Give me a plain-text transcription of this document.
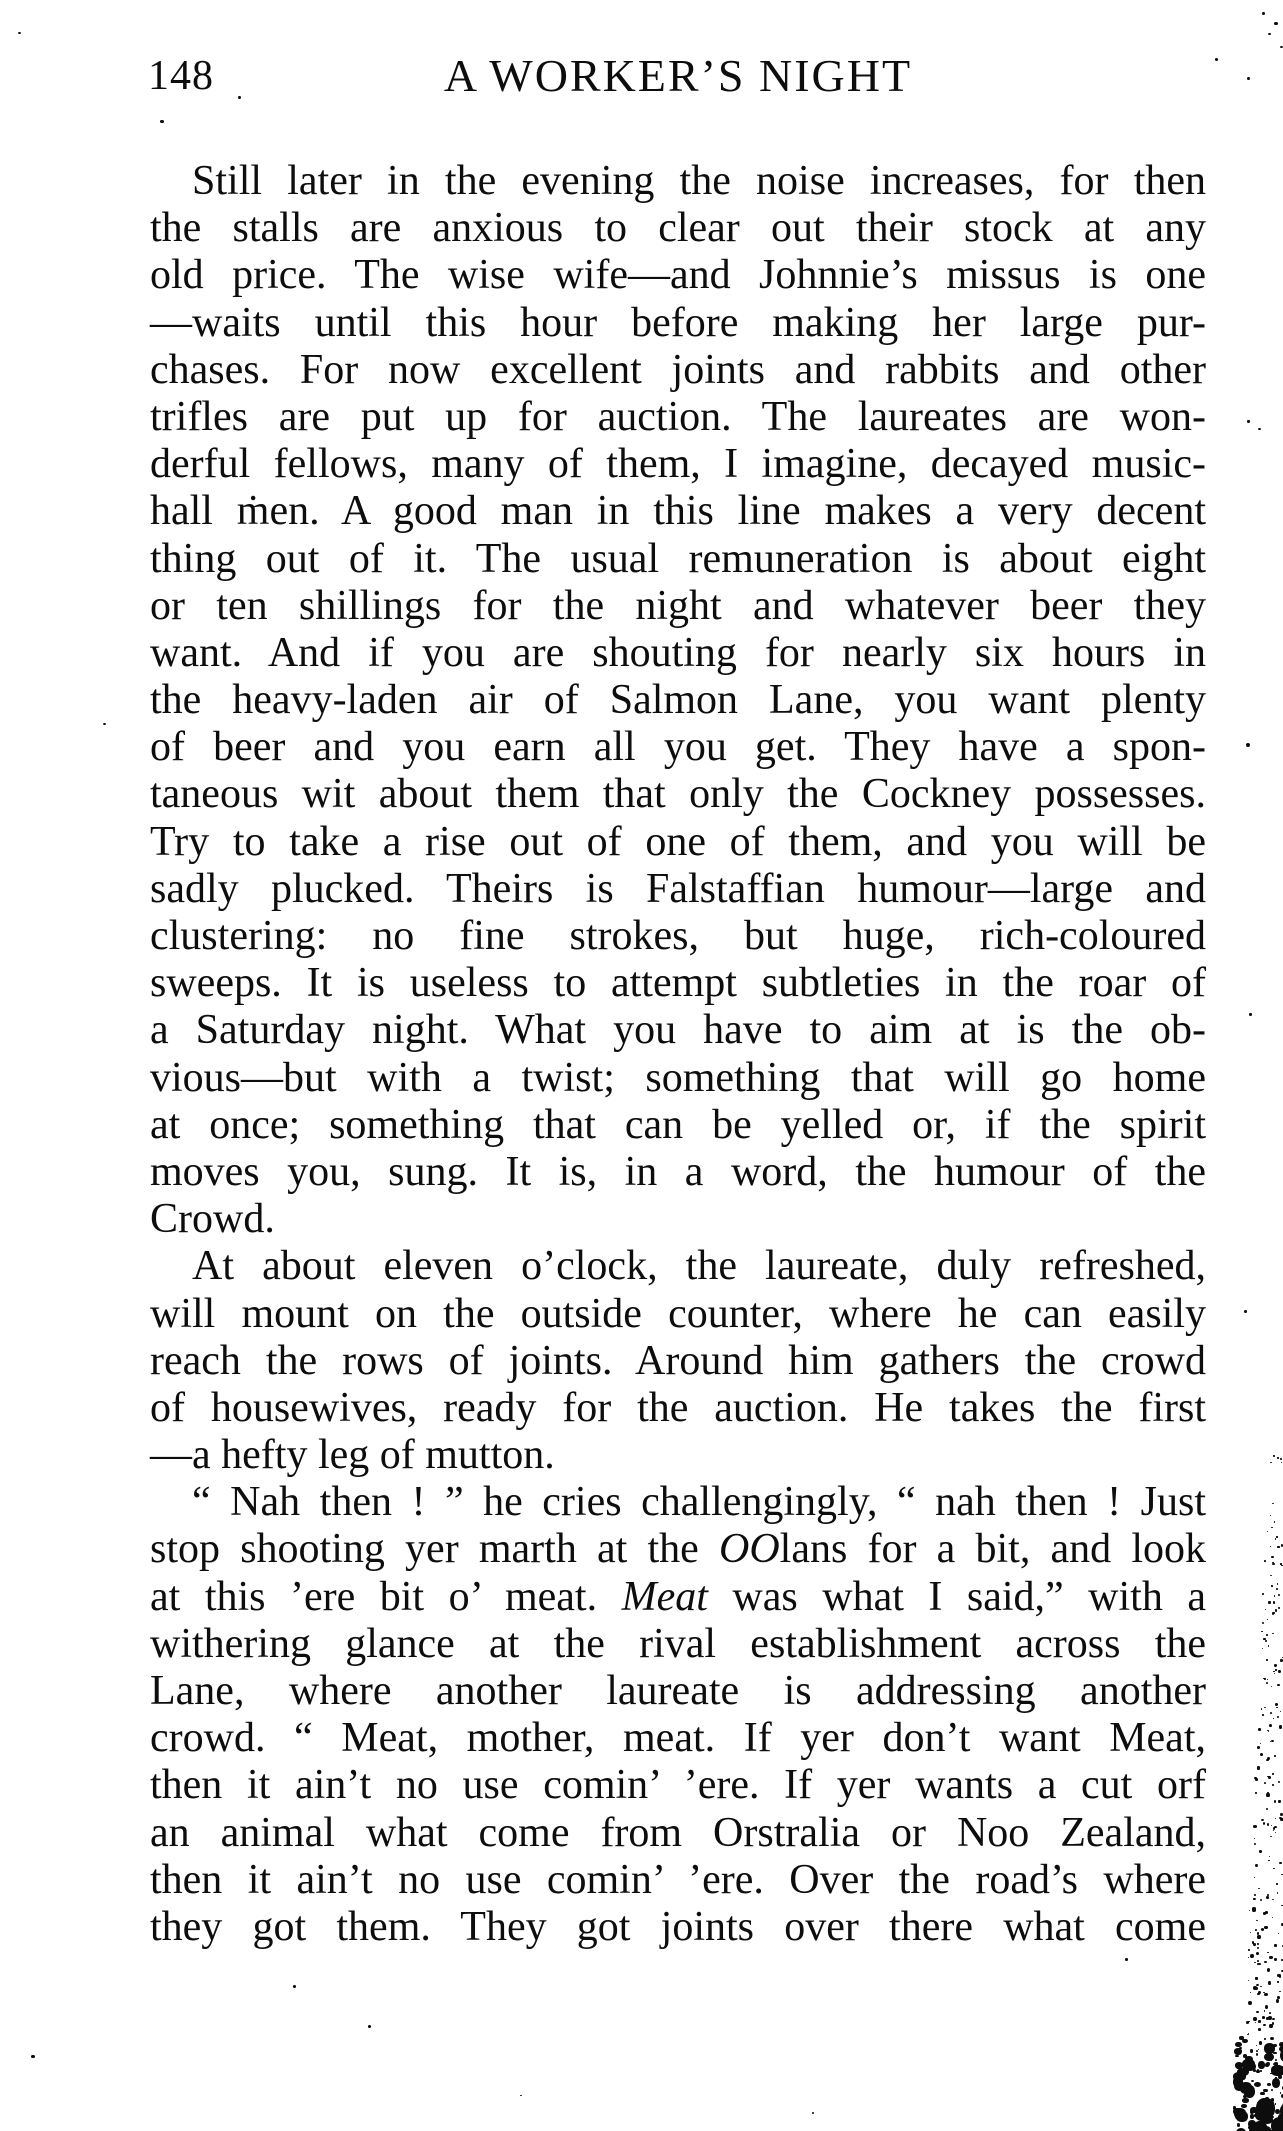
148	A WORKER’S NIGHT
Still later in the evening the noise increases, for then
the stalls are anxious to clear out their stock at any
old price. The wise wife—and Johnnie’s missus is one
—waits until this hour before making her large pur-
chases. For now excellent joints and rabbits and other
trifles are put up for auction. The laureates are won-
derful fellows, many of them, I imagine, decayed music-
hall ṁen. A good man in this line makes a very decent
thing out of it. The usual remuneration is about eight
or ten shillings for the night and whatever beer they
want. And if you are shouting for nearly six hours in
the heavy-laden air of Salmon Lane, you want plenty
of beer and you earn all you get. They have a spon-
taneous wit about them that only the Cockney possesses.
Try to take a rise out of one of them, and you will be
sadly plucked. Theirs is Falstaffian humour—large and
clustering: no fine strokes, but huge, rich-coloured
sweeps. It is useless to attempt subtleties in the roar of
a Saturday night. What you have to aim at is the ob-
vious—but with a twist; something that will go home
at once; something that can be yelled or, if the spirit
moves you, sung. It is, in a word, the humour of the
Crowd.
At about eleven o’clock, the laureate, duly refreshed,
will mount on the outside counter, where he can easily
reach the rows of joints. Around him gathers the crowd
of housewives, ready for the auction. He takes the first
—a hefty leg of mutton.
“ Nah then ! ” he cries challengingly, “ nah then ! Just
stop shooting yer marth at the OOlans for a bit, and look
at this ’ere bit o’ meat. Meat was what I said,” with a
withering glance at the rival establishment across the
Lane, where another laureate is addressing another
crowd. “ Meat, mother, meat. If yer don’t want Meat,
then it ain’t no use comin’ ’ere. If yer wants a cut orf
an animal what come from Orstralia or Noo Zealand,
then it ain’t no use comin’ ’ere. Over the road’s where
they got them. They got joints over there what come
